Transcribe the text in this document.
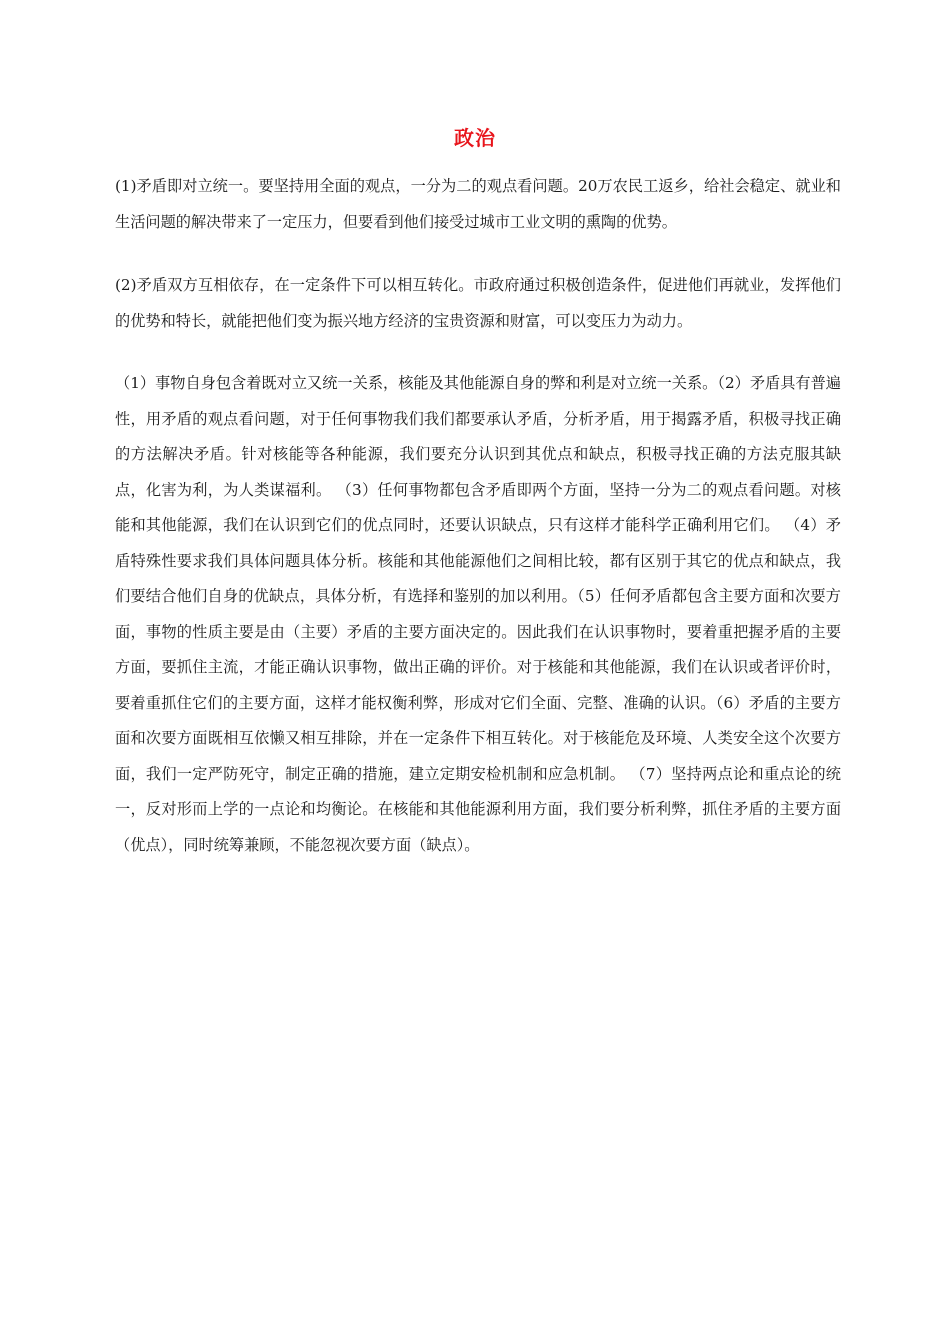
政治

(1)矛盾即对立统一。要坚持用全面的观点，一分为二的观点看问题。20万农民工返乡，给社会稳定、就业和生活问题的解决带来了一定压力，但要看到他们接受过城市工业文明的熏陶的优势。

(2)矛盾双方互相依存，在一定条件下可以相互转化。市政府通过积极创造条件，促进他们再就业，发挥他们的优势和特长，就能把他们变为振兴地方经济的宝贵资源和财富，可以变压力为动力。

（1）事物自身包含着既对立又统一关系，核能及其他能源自身的弊和利是对立统一关系。（2）矛盾具有普遍性，用矛盾的观点看问题，对于任何事物我们我们都要承认矛盾，分析矛盾，用于揭露矛盾，积极寻找正确的方法解决矛盾。针对核能等各种能源，我们要充分认识到其优点和缺点，积极寻找正确的方法克服其缺点，化害为利，为人类谋福利。 （3）任何事物都包含矛盾即两个方面，坚持一分为二的观点看问题。对核能和其他能源，我们在认识到它们的优点同时，还要认识缺点，只有这样才能科学正确利用它们。 （4）矛盾特殊性要求我们具体问题具体分析。核能和其他能源他们之间相比较，都有区别于其它的优点和缺点，我们要结合他们自身的优缺点，具体分析，有选择和鉴别的加以利用。（5）任何矛盾都包含主要方面和次要方面，事物的性质主要是由（主要）矛盾的主要方面决定的。因此我们在认识事物时，要着重把握矛盾的主要方面，要抓住主流，才能正确认识事物，做出正确的评价。对于核能和其他能源，我们在认识或者评价时，要着重抓住它们的主要方面，这样才能权衡利弊，形成对它们全面、完整、准确的认识。（6）矛盾的主要方面和次要方面既相互依懒又相互排除，并在一定条件下相互转化。对于核能危及环境、人类安全这个次要方面，我们一定严防死守，制定正确的措施，建立定期安检机制和应急机制。 （7）坚持两点论和重点论的统一，反对形而上学的一点论和均衡论。在核能和其他能源利用方面，我们要分析利弊，抓住矛盾的主要方面（优点），同时统筹兼顾，不能忽视次要方面（缺点）。
